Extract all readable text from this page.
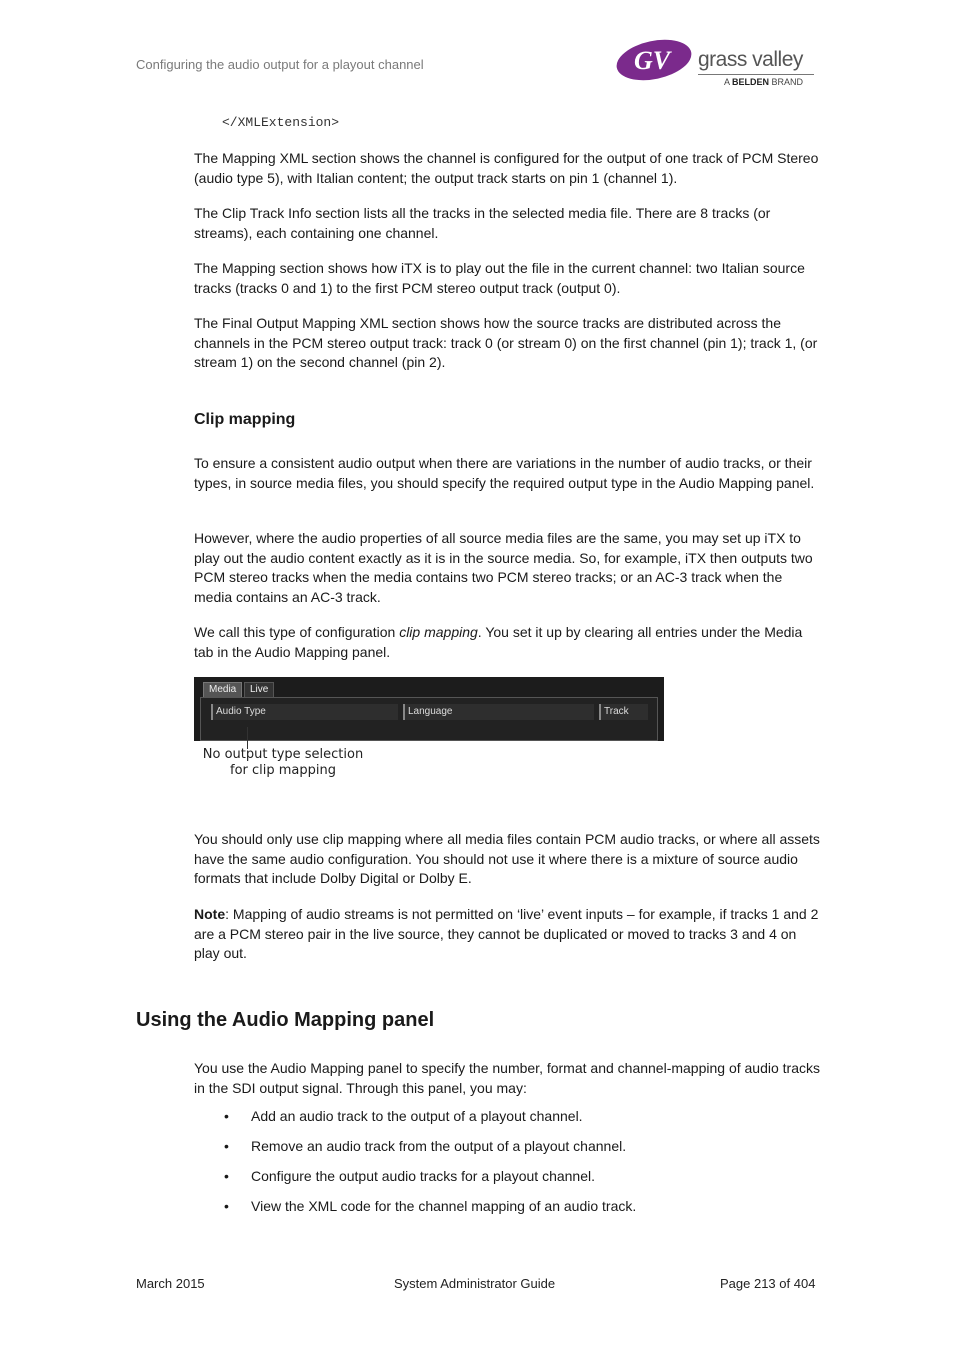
Configuring the audio output for a playout channel	GV grass valley
A BELDEN BRAND
</XMLExtension>
The Mapping XML section shows the channel is configured for the output of one track of PCM Stereo (audio type 5), with Italian content; the output track starts on pin 1 (channel 1).
The Clip Track Info section lists all the tracks in the selected media file. There are 8 tracks (or streams), each containing one channel.
The Mapping section shows how iTX is to play out the file in the current channel: two Italian source tracks (tracks 0 and 1) to the first PCM stereo output track (output 0).
The Final Output Mapping XML section shows how the source tracks are distributed across the channels in the PCM stereo output track: track 0 (or stream 0) on the first channel (pin 1); track 1, (or stream 1) on the second channel (pin 2).
Clip mapping
To ensure a consistent audio output when there are variations in the number of audio tracks, or their types, in source media files, you should specify the required output type in the Audio Mapping panel.
However, where the audio properties of all source media files are the same, you may set up iTX to play out the audio content exactly as it is in the source media. So, for example, iTX then outputs two PCM stereo tracks when the media contains two PCM stereo tracks; or an AC-3 track when the media contains an AC-3 track.
We call this type of configuration clip mapping. You set it up by clearing all entries under the Media tab in the Audio Mapping panel.
Media	Live
Audio Type	Language	Track
No output type selection
for clip mapping
You should only use clip mapping where all media files contain PCM audio tracks, or where all assets have the same audio configuration. You should not use it where there is a mixture of source audio formats that include Dolby Digital or Dolby E.
Note: Mapping of audio streams is not permitted on ‘live’ event inputs – for example, if tracks 1 and 2 are a PCM stereo pair in the live source, they cannot be duplicated or moved to tracks 3 and 4 on play out.
Using the Audio Mapping panel
You use the Audio Mapping panel to specify the number, format and channel-mapping of audio tracks in the SDI output signal. Through this panel, you may:
• Add an audio track to the output of a playout channel.
• Remove an audio track from the output of a playout channel.
• Configure the output audio tracks for a playout channel.
• View the XML code for the channel mapping of an audio track.
March 2015	System Administrator Guide	Page 213 of 404
